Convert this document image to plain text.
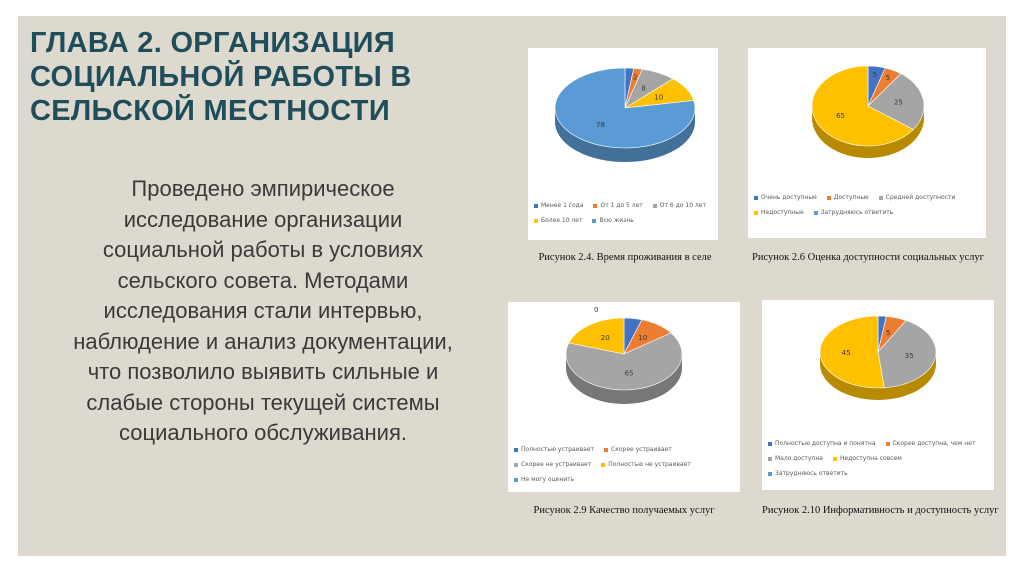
ГЛАВА 2. ОРГАНИЗАЦИЯ СОЦИАЛЬНОЙ РАБОТЫ В СЕЛЬСКОЙ МЕСТНОСТИ
Проведено эмпирическое исследование организации социальной работы в условиях сельского совета. Методами исследования стали интервью, наблюдение и анализ документации, что позволило выявить сильные и слабые стороны текущей системы социального обслуживания.
2
8
10
78
Менее 1 года	От 1 до 5 лет	От 6 до 10 лет
Более 10 лет	Всю жизнь
Рисунок 2.4. Время проживания в селе
5 5
25
65
Очень доступные	Доступные	Средней доступности
Недоступные	Затрудняюсь ответить
Рисунок 2.6 Оценка доступности социальных услуг
10
65
20
0
Полностью устраивает	Скорее устраивает
Скорее не устраивает	Полностью не устраивает
Не могу оценить
Рисунок 2.9 Качество получаемых услуг
5
35
45
Полностью доступна и понятна	Скорее доступна, чем нет
Мало доступна	Недоступна совсем
Затрудняюсь ответить
Рисунок 2.10 Информативность и доступность услуг
